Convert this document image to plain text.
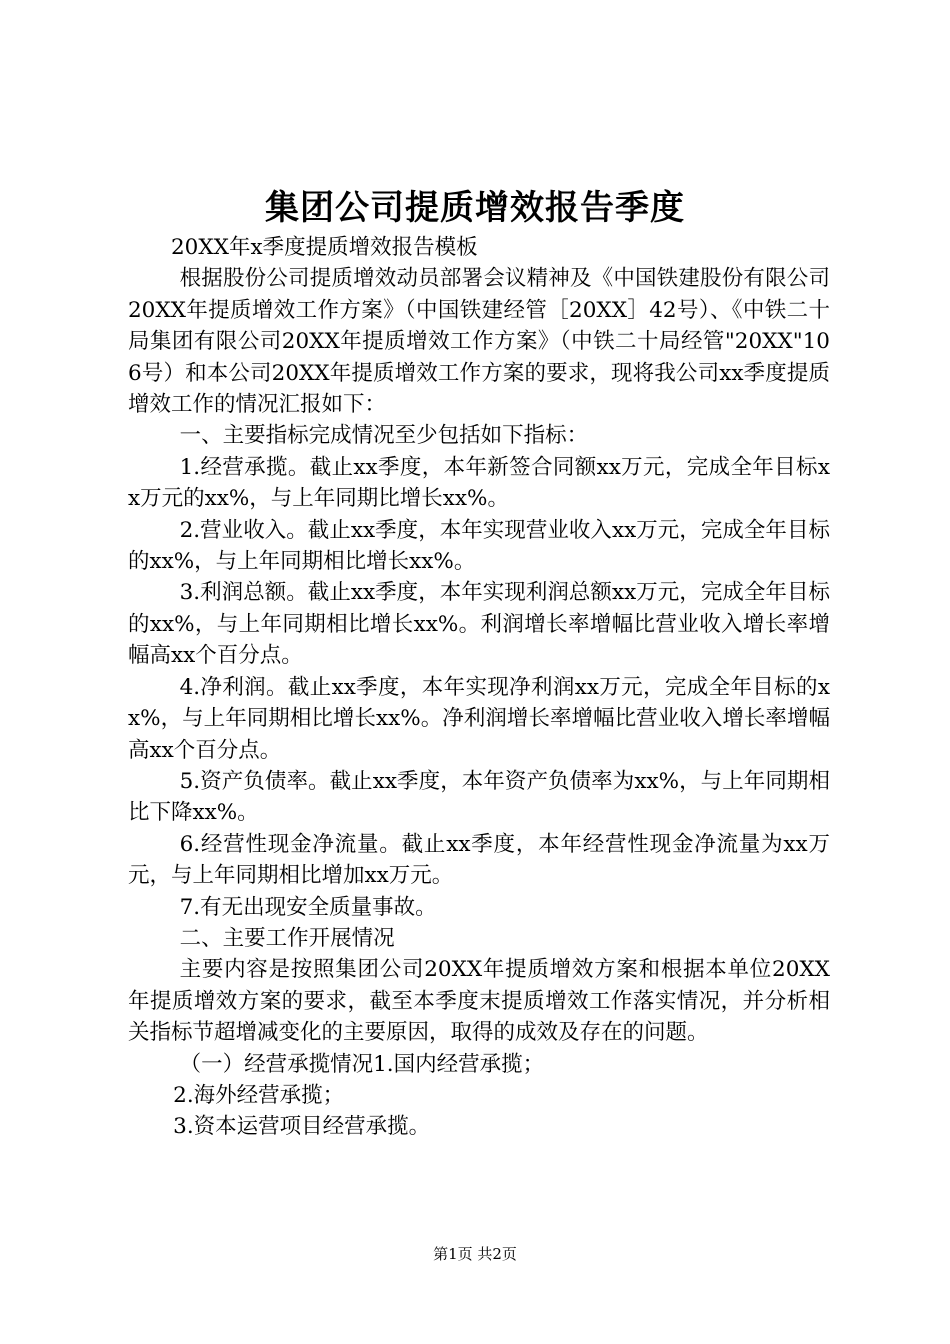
集团公司提质增效报告季度

20XX年x季度提质增效报告模板

根据股份公司提质增效动员部署会议精神及《中国铁建股份有限公司20XX年提质增效工作方案》（中国铁建经管［20XX］42号）、《中铁二十局集团有限公司20XX年提质增效工作方案》（中铁二十局经管"20XX"106号）和本公司20XX年提质增效工作方案的要求，现将我公司xx季度提质增效工作的情况汇报如下：

一、主要指标完成情况至少包括如下指标：

1.经营承揽。截止xx季度，本年新签合同额xx万元，完成全年目标xx万元的xx%，与上年同期比增长xx%。

2.营业收入。截止xx季度，本年实现营业收入xx万元，完成全年目标的xx%，与上年同期相比增长xx%。

3.利润总额。截止xx季度，本年实现利润总额xx万元，完成全年目标的xx%，与上年同期相比增长xx%。利润增长率增幅比营业收入增长率增幅高xx个百分点。

4.净利润。截止xx季度，本年实现净利润xx万元，完成全年目标的xx%，与上年同期相比增长xx%。净利润增长率增幅比营业收入增长率增幅高xx个百分点。

5.资产负债率。截止xx季度，本年资产负债率为xx%，与上年同期相比下降xx%。

6.经营性现金净流量。截止xx季度，本年经营性现金净流量为xx万元，与上年同期相比增加xx万元。

7.有无出现安全质量事故。

二、主要工作开展情况

主要内容是按照集团公司20XX年提质增效方案和根据本单位20XX年提质增效方案的要求，截至本季度末提质增效工作落实情况，并分析相关指标节超增减变化的主要原因，取得的成效及存在的问题。

（一）经营承揽情况1.国内经营承揽；

2.海外经营承揽；

3.资本运营项目经营承揽。

第1页 共2页
